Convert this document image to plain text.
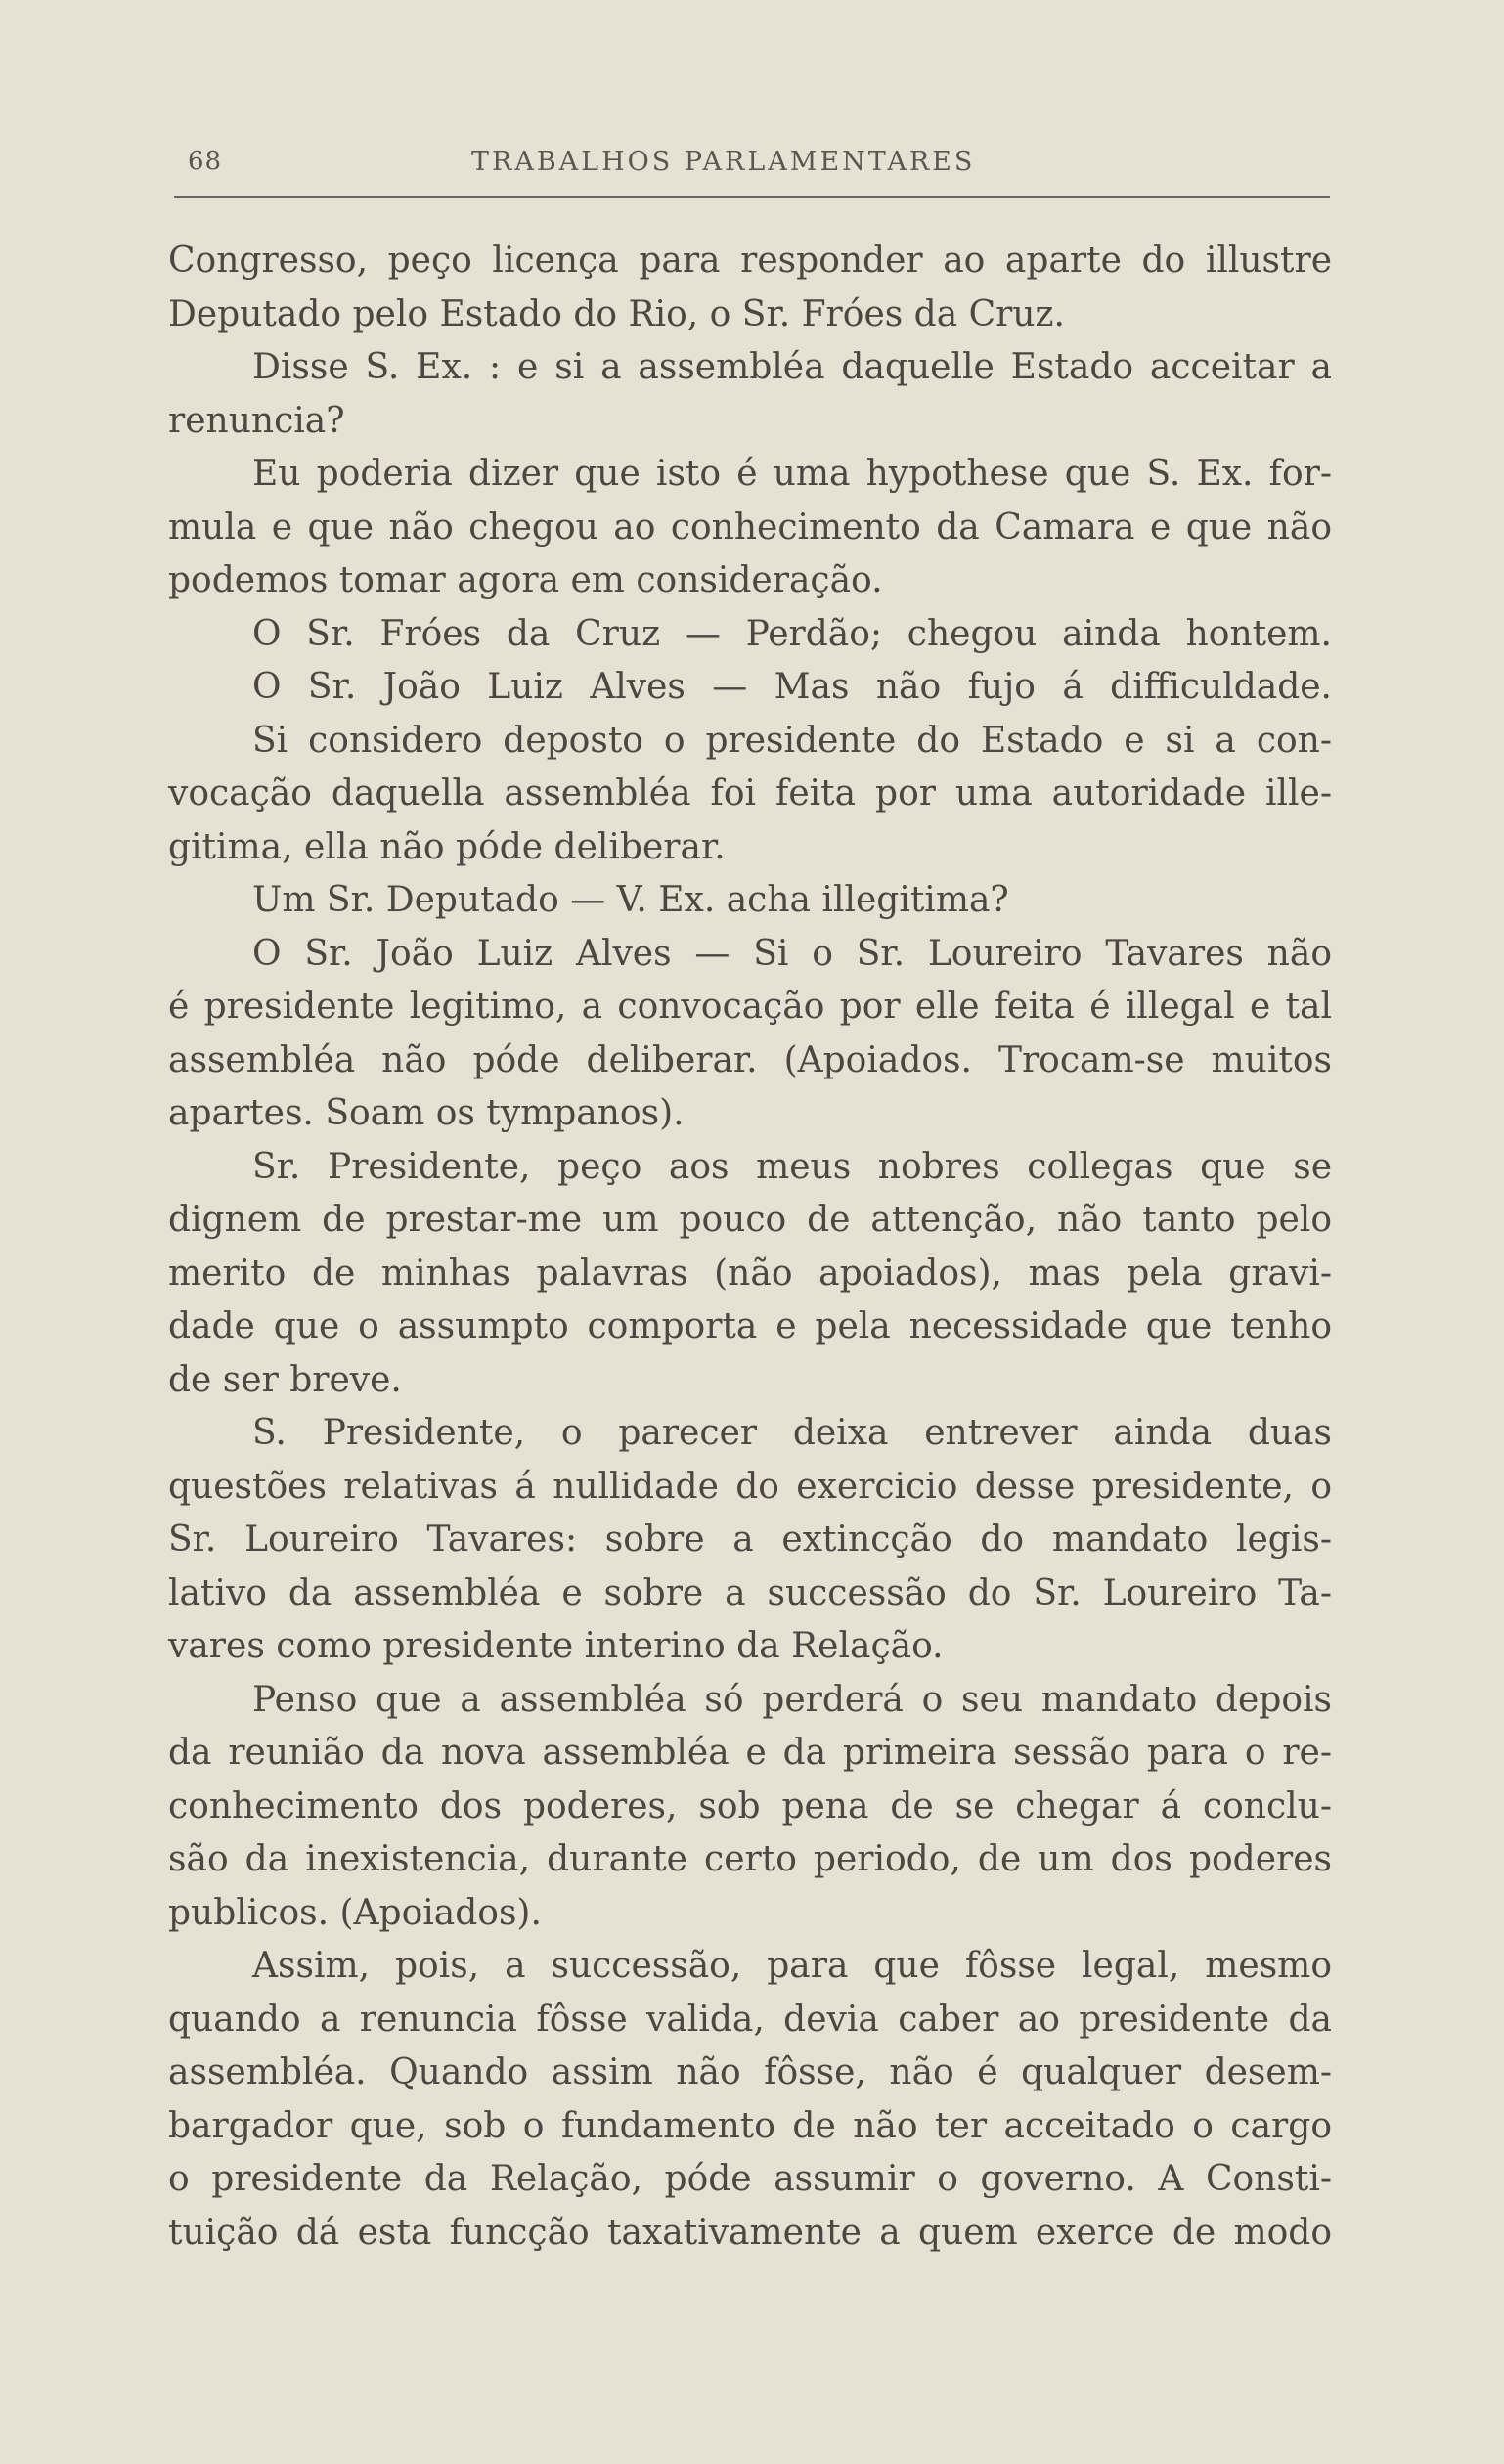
68	TRABALHOS PARLAMENTARES
Congresso, peço licença para responder ao aparte do illustre
Deputado pelo Estado do Rio, o Sr. Fróes da Cruz.
Disse S. Ex. : e si a assembléa daquelle Estado acceitar a
renuncia?
Eu poderia dizer que isto é uma hypothese que S. Ex. for-
mula e que não chegou ao conhecimento da Camara e que não
podemos tomar agora em consideração.
O Sr. Fróes da Cruz — Perdão; chegou ainda hontem.
O Sr. João Luiz Alves — Mas não fujo á difficuldade.
Si considero deposto o presidente do Estado e si a con-
vocação daquella assembléa foi feita por uma autoridade ille-
gitima, ella não póde deliberar.
Um Sr. Deputado — V. Ex. acha illegitima?
O Sr. João Luiz Alves — Si o Sr. Loureiro Tavares não
é presidente legitimo, a convocação por elle feita é illegal e tal
assembléa não póde deliberar. (Apoiados. Trocam-se muitos
apartes. Soam os tympanos).
Sr. Presidente, peço aos meus nobres collegas que se
dignem de prestar-me um pouco de attenção, não tanto pelo
merito de minhas palavras (não apoiados), mas pela gravi-
dade que o assumpto comporta e pela necessidade que tenho
de ser breve.
S. Presidente, o parecer deixa entrever ainda duas
questões relativas á nullidade do exercicio desse presidente, o
Sr. Loureiro Tavares: sobre a extincção do mandato legis-
lativo da assembléa e sobre a successão do Sr. Loureiro Ta-
vares como presidente interino da Relação.
Penso que a assembléa só perderá o seu mandato depois
da reunião da nova assembléa e da primeira sessão para o re-
conhecimento dos poderes, sob pena de se chegar á conclu-
são da inexistencia, durante certo periodo, de um dos poderes
publicos. (Apoiados).
Assim, pois, a successão, para que fôsse legal, mesmo
quando a renuncia fôsse valida, devia caber ao presidente da
assembléa. Quando assim não fôsse, não é qualquer desem-
bargador que, sob o fundamento de não ter acceitado o cargo
o presidente da Relação, póde assumir o governo. A Consti-
tuição dá esta funcção taxativamente a quem exerce de modo
